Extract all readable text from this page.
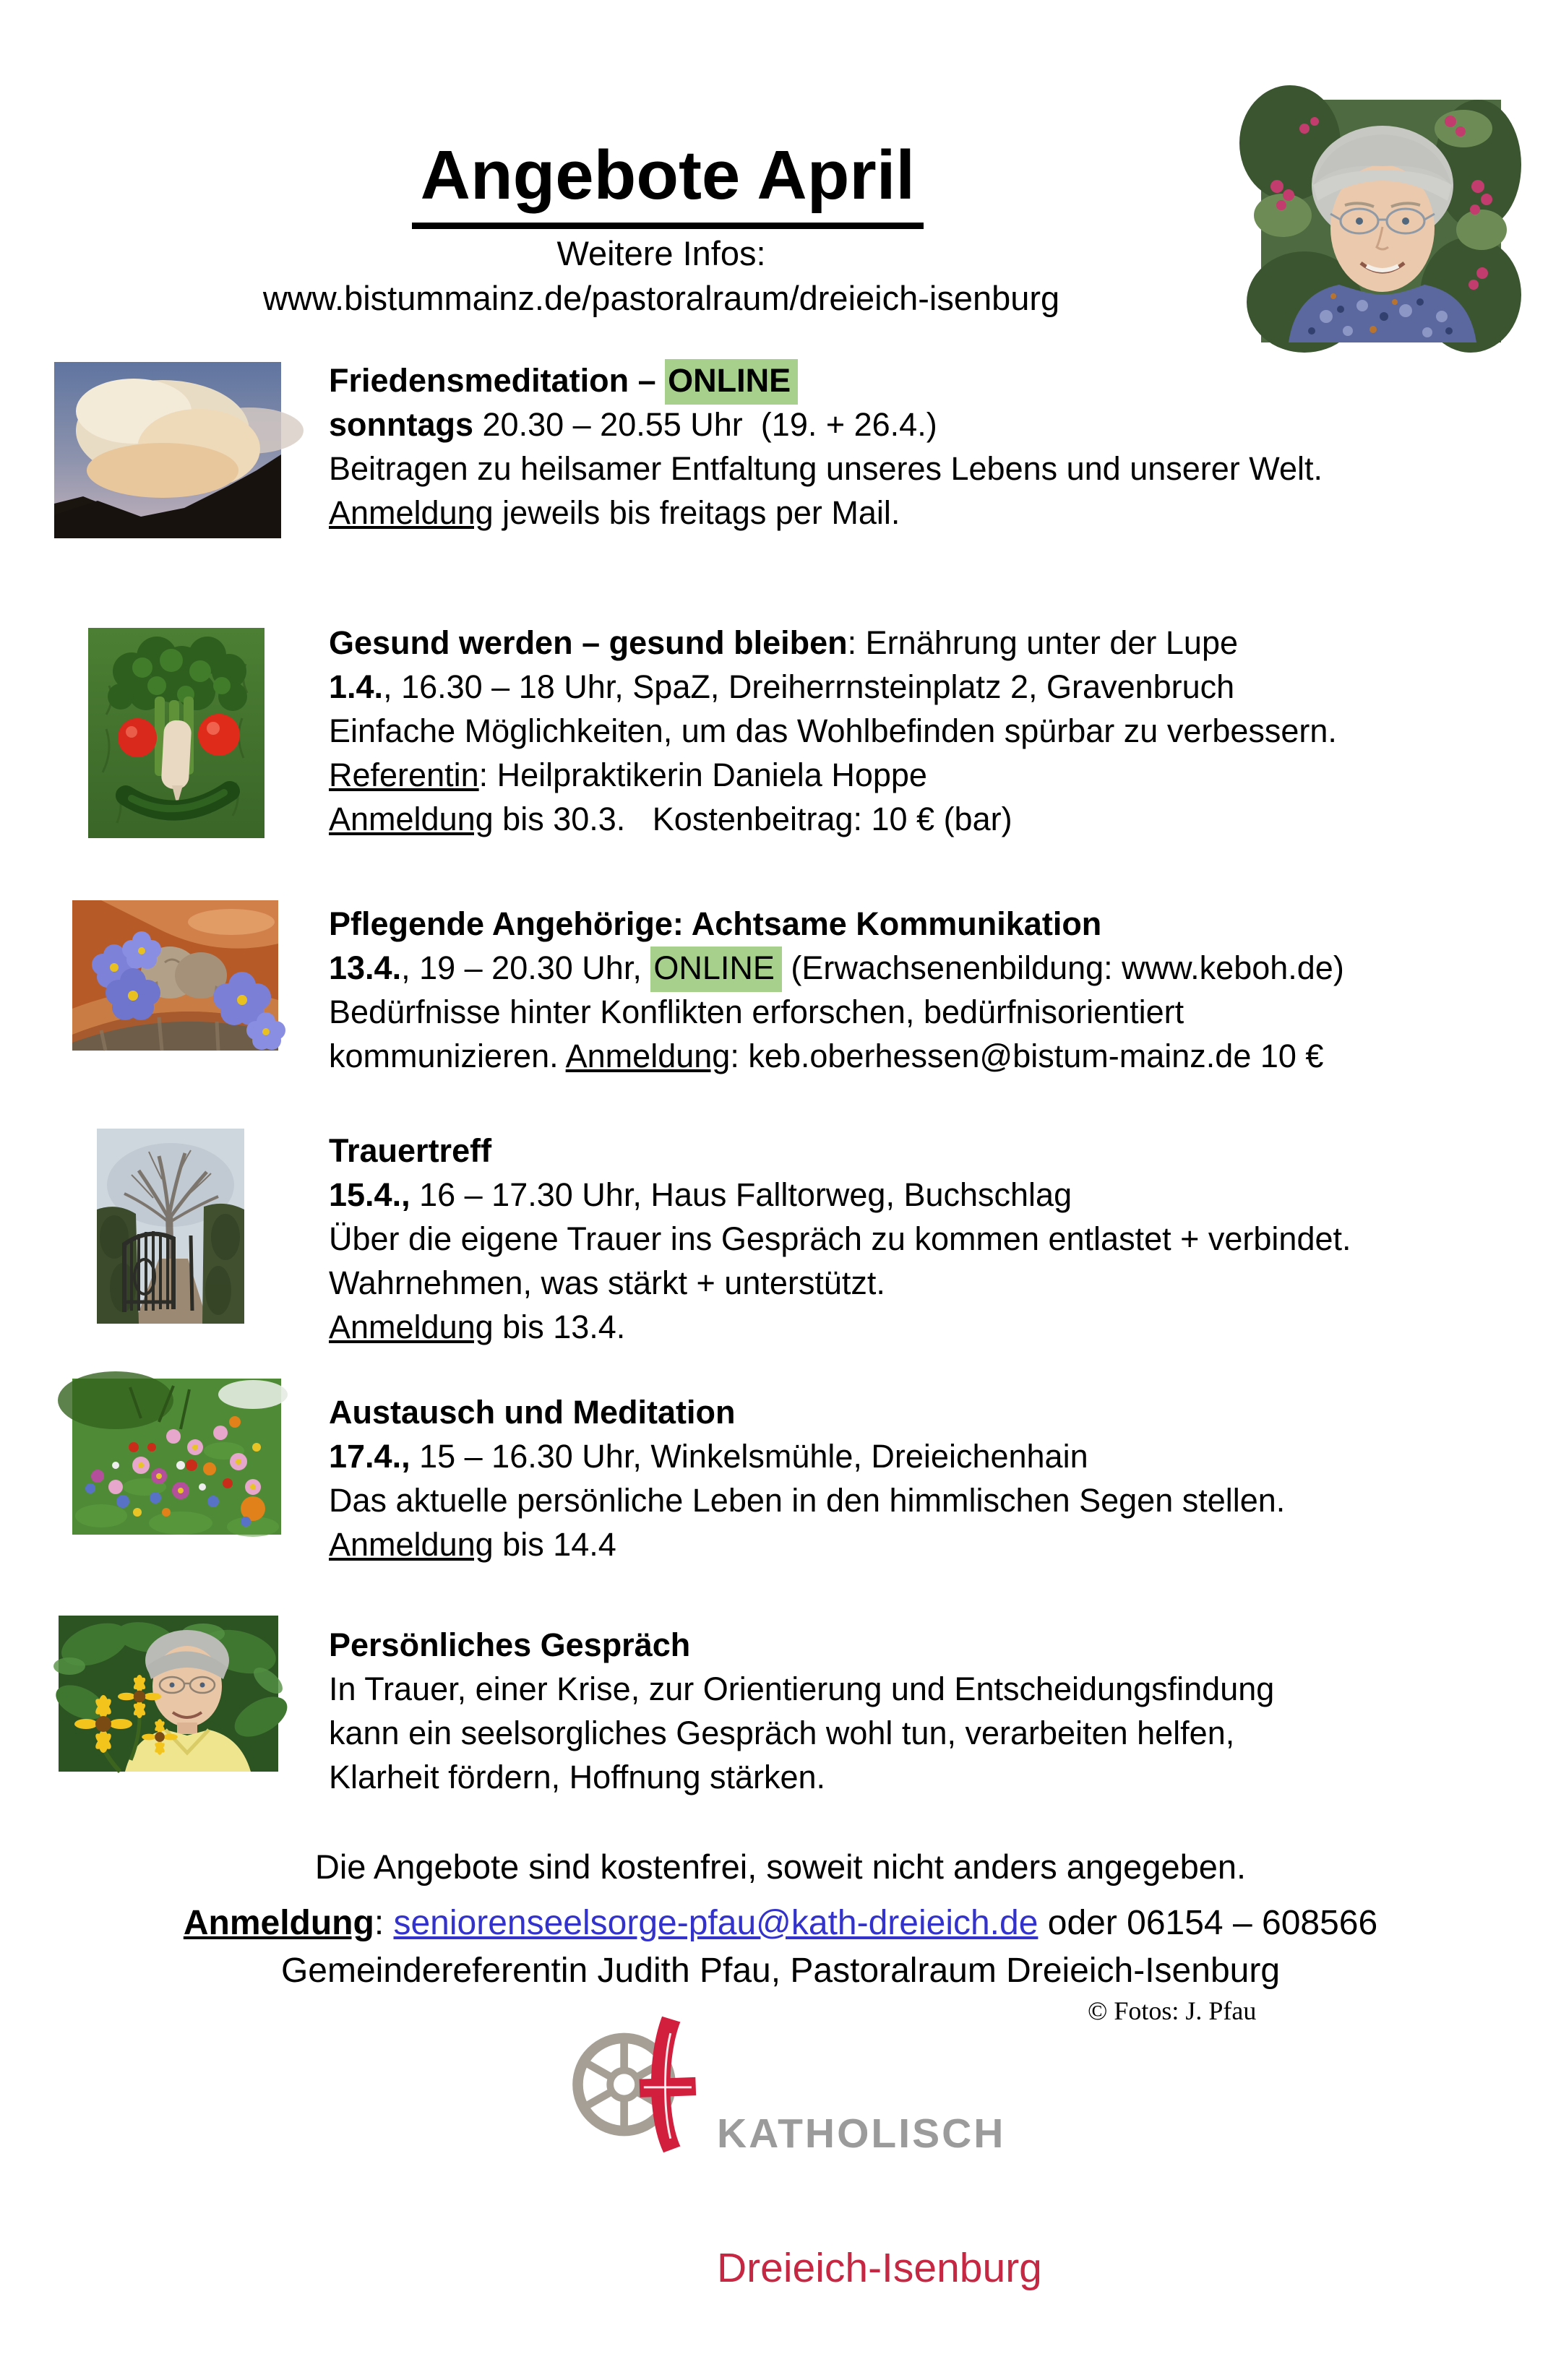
Angebote April

Weitere Infos:
www.bistummainz.de/pastoralraum/dreieich-isenburg
Friedensmeditation – ONLINE
sonntags 20.30 – 20.55 Uhr  (19. + 26.4.)
Beitragen zu heilsamer Entfaltung unseres Lebens und unserer Welt.
Anmeldung jeweils bis freitags per Mail.
Gesund werden – gesund bleiben: Ernährung unter der Lupe
1.4., 16.30 – 18 Uhr, SpaZ, Dreiherrnsteinplatz 2, Gravenbruch
Einfache Möglichkeiten, um das Wohlbefinden spürbar zu verbessern.
Referentin: Heilpraktikerin Daniela Hoppe
Anmeldung bis 30.3.   Kostenbeitrag: 10 € (bar)
Pflegende Angehörige: Achtsame Kommunikation
13.4., 19 – 20.30 Uhr, ONLINE (Erwachsenenbildung: www.keboh.de)
Bedürfnisse hinter Konflikten erforschen, bedürfnisorientiert
kommunizieren. Anmeldung: keb.oberhessen@bistum-mainz.de 10 €
Trauertreff
15.4., 16 – 17.30 Uhr, Haus Falltorweg, Buchschlag
Über die eigene Trauer ins Gespräch zu kommen entlastet + verbindet.
Wahrnehmen, was stärkt + unterstützt.
Anmeldung bis 13.4.
Austausch und Meditation
17.4., 15 – 16.30 Uhr, Winkelsmühle, Dreieichenhain
Das aktuelle persönliche Leben in den himmlischen Segen stellen.
Anmeldung bis 14.4
Persönliches Gespräch
In Trauer, einer Krise, zur Orientierung und Entscheidungsfindung
kann ein seelsorgliches Gespräch wohl tun, verarbeiten helfen,
Klarheit fördern, Hoffnung stärken.
Die Angebote sind kostenfrei, soweit nicht anders angegeben.
Anmeldung: seniorenseelsorge-pfau@kath-dreieich.de oder 06154 – 608566
Gemeindereferentin Judith Pfau, Pastoralraum Dreieich-Isenburg
© Fotos: J. Pfau

KATHOLISCH

Dreieich-Isenburg
